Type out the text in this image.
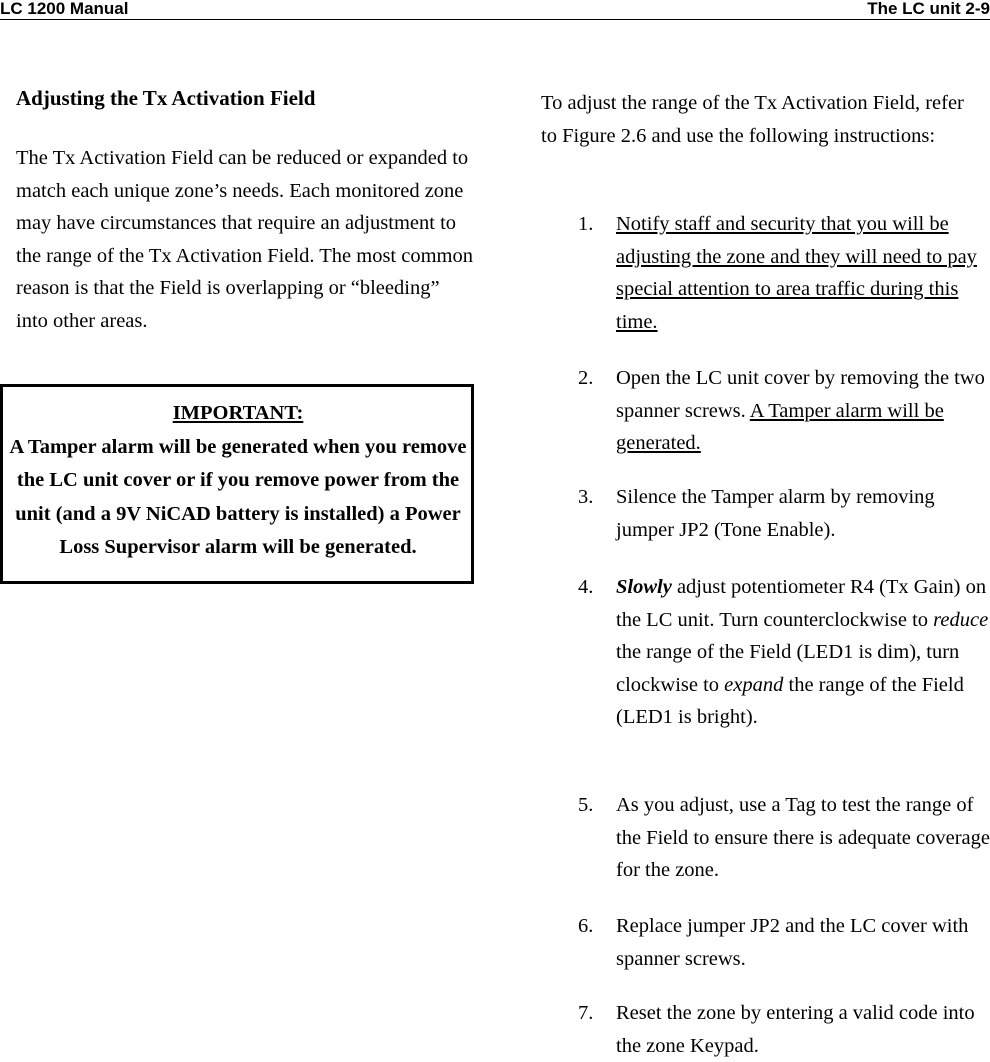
LC 1200 Manual	The LC unit 2-9
Adjusting the Tx Activation Field

The Tx Activation Field can be reduced or expanded to match each unique zone’s needs. Each monitored zone may have circumstances that require an adjustment to the range of the Tx Activation Field. The most common reason is that the Field is overlapping or “bleeding” into other areas.

IMPORTANT:
A Tamper alarm will be generated when you remove the LC unit cover or if you remove power from the unit (and a 9V NiCAD battery is installed) a Power Loss Supervisor alarm will be generated.

To adjust the range of the Tx Activation Field, refer to Figure 2.6 and use the following instructions:

1.	Notify staff and security that you will be adjusting the zone and they will need to pay special attention to area traffic during this time.
2.	Open the LC unit cover by removing the two spanner screws. A Tamper alarm will be generated.
3.	Silence the Tamper alarm by removing jumper JP2 (Tone Enable).
4.	Slowly adjust potentiometer R4 (Tx Gain) on the LC unit. Turn counterclockwise to reduce the range of the Field (LED1 is dim), turn clockwise to expand the range of the Field (LED1 is bright).
5.	As you adjust, use a Tag to test the range of the Field to ensure there is adequate coverage for the zone.
6.	Replace jumper JP2 and the LC cover with spanner screws.
7.	Reset the zone by entering a valid code into the zone Keypad.
